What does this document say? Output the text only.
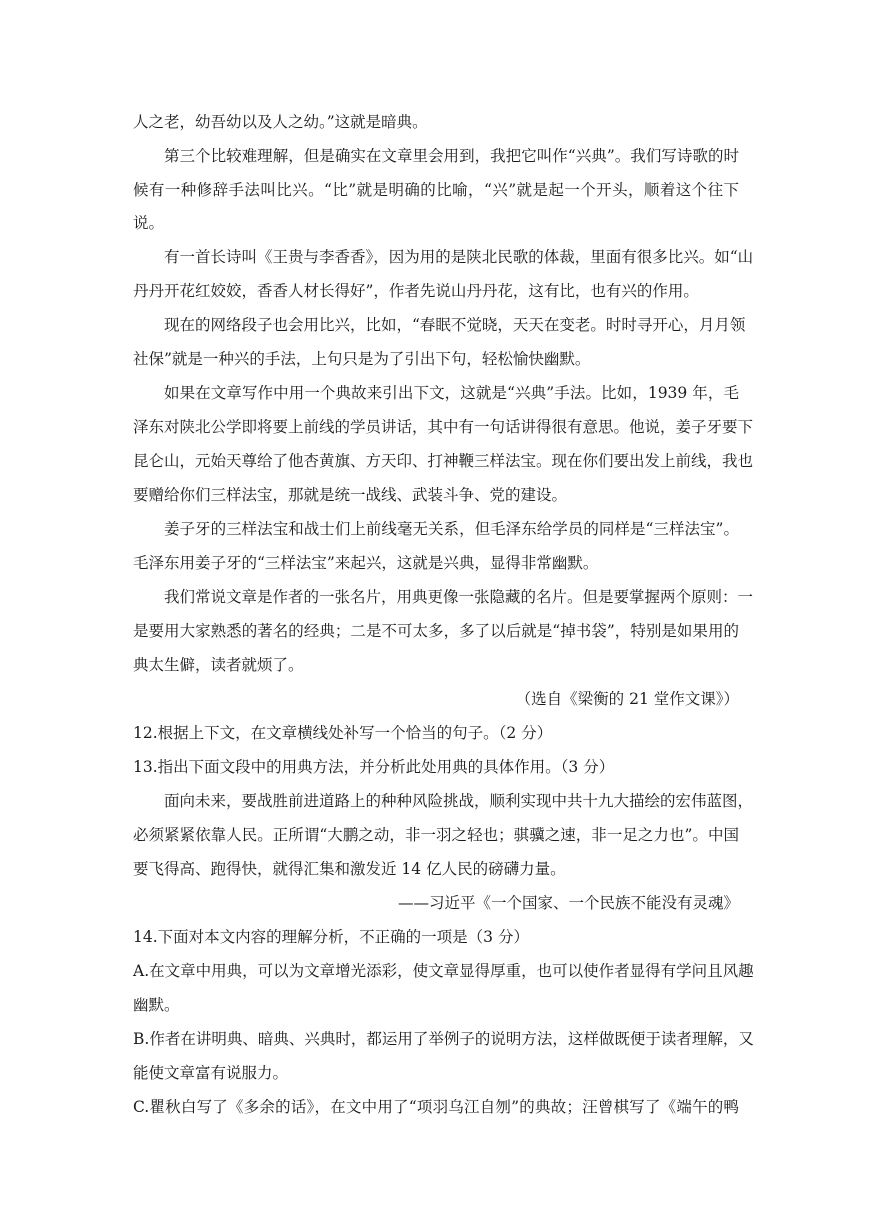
人之老，幼吾幼以及人之幼。”这就是暗典。
第三个比较难理解，但是确实在文章里会用到，我把它叫作“兴典”。我们写诗歌的时
候有一种修辞手法叫比兴。“比”就是明确的比喻，“兴”就是起一个开头，顺着这个往下
说。
有一首长诗叫《王贵与李香香》，因为用的是陕北民歌的体裁，里面有很多比兴。如“山
丹丹开花红姣姣，香香人材长得好”，作者先说山丹丹花，这有比，也有兴的作用。
现在的网络段子也会用比兴，比如，“春眠不觉晓，天天在变老。时时寻开心，月月领
社保”就是一种兴的手法，上句只是为了引出下句，轻松愉快幽默。
如果在文章写作中用一个典故来引出下文，这就是“兴典”手法。比如，1939 年，毛
泽东对陕北公学即将要上前线的学员讲话，其中有一句话讲得很有意思。他说，姜子牙要下
昆仑山，元始天尊给了他杏黄旗、方天印、打神鞭三样法宝。现在你们要出发上前线，我也
要赠给你们三样法宝，那就是统一战线、武装斗争、党的建设。
姜子牙的三样法宝和战士们上前线毫无关系，但毛泽东给学员的同样是“三样法宝”。
毛泽东用姜子牙的“三样法宝”来起兴，这就是兴典，显得非常幽默。
我们常说文章是作者的一张名片，用典更像一张隐藏的名片。但是要掌握两个原则：一
是要用大家熟悉的著名的经典；二是不可太多，多了以后就是“掉书袋”，特别是如果用的
典太生僻，读者就烦了。
（选自《梁衡的 21 堂作文课》）
12.根据上下文，在文章横线处补写一个恰当的句子。（2 分）
13.指出下面文段中的用典方法，并分析此处用典的具体作用。（3 分）
面向未来，要战胜前进道路上的种种风险挑战，顺利实现中共十九大描绘的宏伟蓝图，
必须紧紧依靠人民。正所谓“大鹏之动，非一羽之轻也；骐骥之速，非一足之力也”。中国
要飞得高、跑得快，就得汇集和激发近 14 亿人民的磅礴力量。
——习近平《一个国家、一个民族不能没有灵魂》
14.下面对本文内容的理解分析，不正确的一项是（3 分）
A.在文章中用典，可以为文章增光添彩，使文章显得厚重，也可以使作者显得有学问且风趣
幽默。
B.作者在讲明典、暗典、兴典时，都运用了举例子的说明方法，这样做既便于读者理解，又
能使文章富有说服力。
C.瞿秋白写了《多余的话》，在文中用了“项羽乌江自刎”的典故；汪曾棋写了《端午的鸭
